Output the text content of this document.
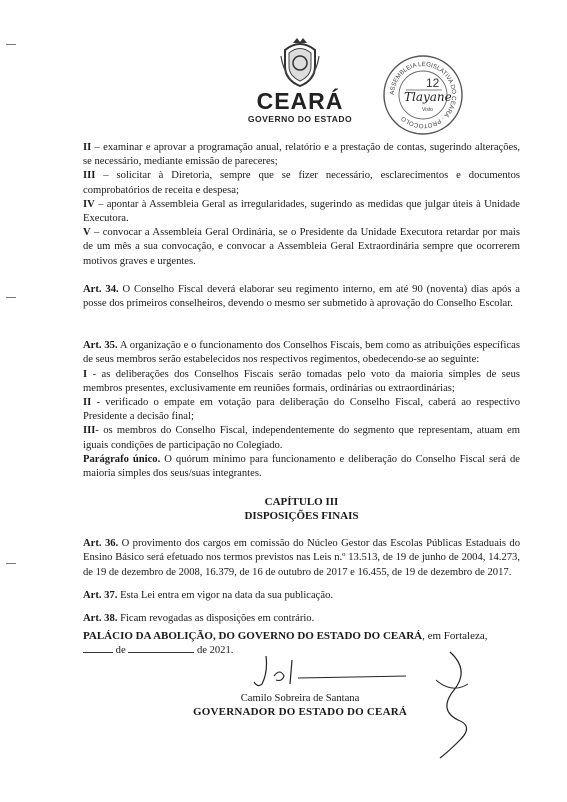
CEARÁ
GOVERNO DO ESTADO
ASSEMBLEIA LEGISLATIVA DO CEARÁ · PROTOCOLO
12
Tlayane
Visto

II – examinar e aprovar a programação anual, relatório e a prestação de contas, sugerindo alterações, se necessário, mediante emissão de pareceres;

III – solicitar à Diretoria, sempre que se fizer necessário, esclarecimentos e documentos comprobatórios de receita e despesa;

IV – apontar à Assembleia Geral as irregularidades, sugerindo as medidas que julgar úteis à Unidade Executora.

V – convocar a Assembleia Geral Ordinária, se o Presidente da Unidade Executora retardar por mais de um mês a sua convocação, e convocar a Assembleia Geral Extraordinária sempre que ocorrerem motivos graves e urgentes.

Art. 34. O Conselho Fiscal deverá elaborar seu regimento interno, em até 90 (noventa) dias após a posse dos primeiros conselheiros, devendo o mesmo ser submetido à aprovação do Conselho Escolar.

Art. 35. A organização e o funcionamento dos Conselhos Fiscais, bem como as atribuições específicas de seus membros serão estabelecidos nos respectivos regimentos, obedecendo-se ao seguinte:

I - as deliberações dos Conselhos Fiscais serão tomadas pelo voto da maioria simples de seus membros presentes, exclusivamente em reuniões formais, ordinárias ou extraordinárias;

II - verificado o empate em votação para deliberação do Conselho Fiscal, caberá ao respectivo Presidente a decisão final;

III- os membros do Conselho Fiscal, independentemente do segmento que representam, atuam em iguais condições de participação no Colegiado.

Parágrafo único. O quórum mínimo para funcionamento e deliberação do Conselho Fiscal será de maioria simples dos seus/suas integrantes.

CAPÍTULO III
DISPOSIÇÕES FINAIS

Art. 36. O provimento dos cargos em comissão do Núcleo Gestor das Escolas Públicas Estaduais do Ensino Básico será efetuado nos termos previstos nas Leis n.º 13.513, de 19 de junho de 2004, 14.273, de 19 de dezembro de 2008, 16.379, de 16 de outubro de 2017 e 16.455, de 19 de dezembro de 2017.

Art. 37. Esta Lei entra em vigor na data da sua publicação.

Art. 38. Ficam revogadas as disposições em contrário.

PALÁCIO DA ABOLIÇÃO, DO GOVERNO DO ESTADO DO CEARÁ, em Fortaleza,

de	de 2021.

Camilo Sobreira de Santana
GOVERNADOR DO ESTADO DO CEARÁ
